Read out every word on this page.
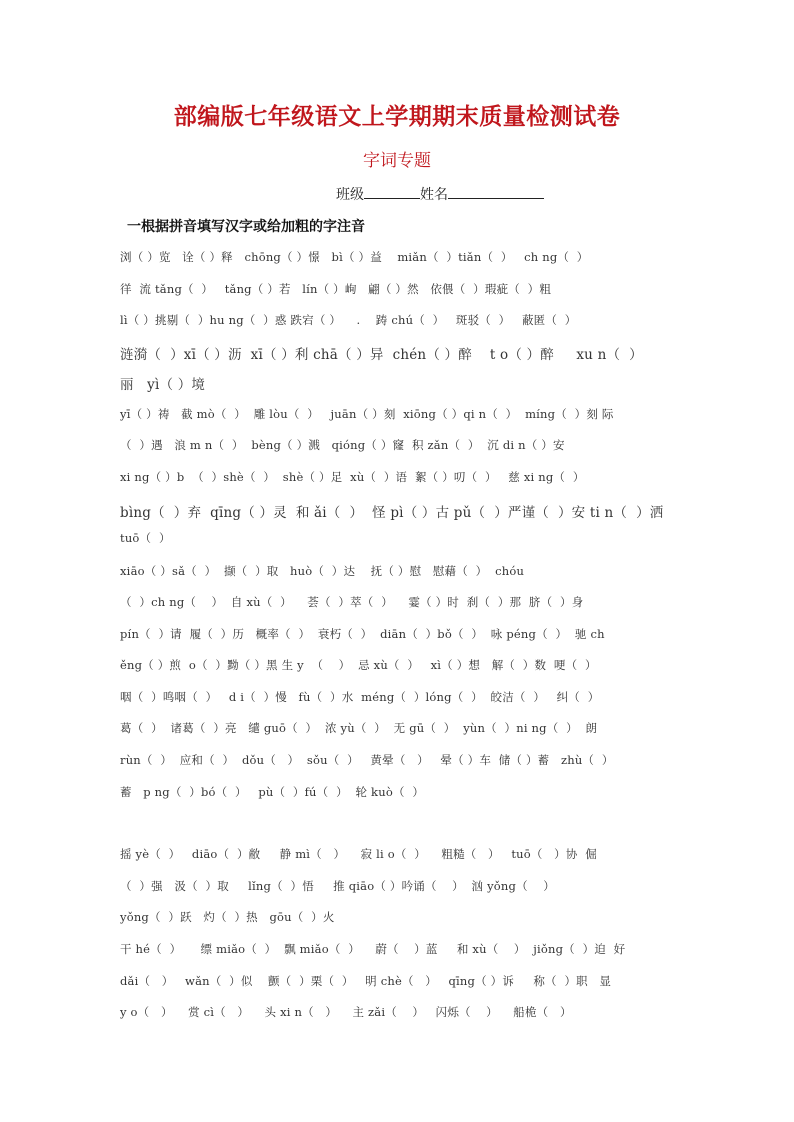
部编版七年级语文上学期期末质量检测试卷
字词专题
班级	姓名
一根据拼音填写汉字或给加粗的字注音
浏（ ）览   诠（ ）释   chōng（ ）憬   bì（ ）益    miǎn（  ）tiǎn（  ）   ch ng（  ）
徉  流 tǎng（  ）   tǎng（ ）若   lín（ ）峋   翩（ ）然   依偎（  ）瑕疵（  ）粗
lì（ ）挑剔（  ）hu ng（  ）惑 跌宕（ ）    .    踌 chú（  ）   斑驳（  ）   蔽匿（  ）
涟漪（  ）xī（ ）沥  xī（ ）利 chā（ ）异  chén（ ）醉    t o（ ）醉     xu n（  ）
丽   yì（ ）境
yī（ ）祷   截 mò（  ）  雕 lòu（  ）   juān（ ）刻  xiōng（ ）qi n（  ）  míng（  ）刻 际
（  ）遇   浪 m n（  ）  bèng（ ）溅   qióng（ ）窿  积 zǎn（  ）  沉 di n（ ）安
xi ng（ ）b  （  ）shè（  ）  shè（ ）足  xù（  ）语  絮（ ）叨（  ）   慈 xi ng（  ）
bìng（  ）弃  qīng（ ）灵  和 ǎi（  ）  怪 pì（ ）古 pǔ（  ）严谨（  ）安 ti n（  ）洒
tuō（  ）
xiāo（ ）sǎ（  ）  撷（  ）取   huò（  ）达    抚（ ）慰   慰藉（  ）  chóu
（  ）ch ng（    ）  自 xù（  ）    荟（  ）萃（  ）    霎（ ）时  刹（  ）那  脐（  ）身
pín（  ）请  履（  ）历   概率（  ）  衰朽（  ）  diān（  ）bǒ（  ）  咏 péng（  ）  驰 ch
ěng（ ）煎  o（  ）黝（ ）黑 生 y  （    ）  忌 xù（  ）   xì（ ）想   解（  ）数  哽（  ）
咽（  ）鸣咽（  ）   d i（  ）慢   fù（  ）水  méng（  ）lóng（  ）  皎洁（  ）   纠（  ）
葛（  ）  诸葛（  ）亮   缱 guō（  ）  浓 yù（  ）  无 gū（  ）  yùn（  ）ni ng（  ）  朗
rùn（  ）  应和（  ）  dǒu（   ）  sǒu（  ）   黄晕（   ）   晕（ ）车  储（ ）蓄   zhù（  ）
蓄   p ng（  ）bó（  ）   pù（  ）fú（  ）  轮 kuò（  ）
摇 yè（  ）   diāo（  ）敝     静 mì（   ）    寂 li o（  ）    粗糙（   ）   tuō（   ）协  倔
（  ）强   汲（  ）取     lǐng（  ）悟     推 qiāo（ ）吟诵（    ）  汹 yǒng（    ）
yǒng（  ）跃   灼（  ）热   gōu（  ）火
干 hé（  ）     缥 miǎo（  ）  飘 miǎo（  ）    蔚（    ）蓝     和 xù（    ）  jiǒng（  ）迫  好
dǎi（   ）   wǎn（  ）似    颤（  ）栗（  ）   明 chè（   ）   qīng（ ）诉     称（  ）职   显
y o（   ）    赏 cì（   ）    头 xi n（   ）    主 zǎi（    ）   闪烁（    ）    船桅（   ）
